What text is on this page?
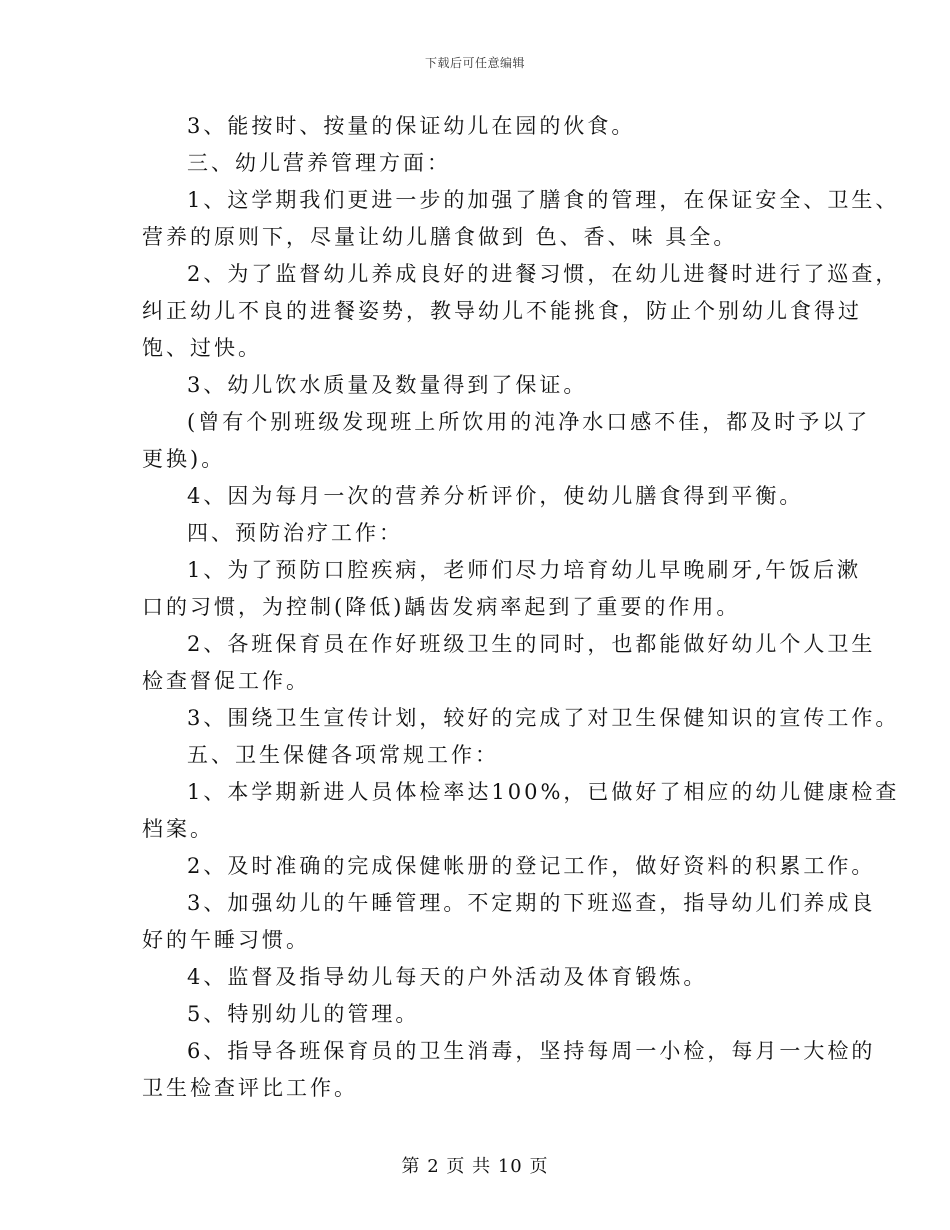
下载后可任意编辑
3、能按时、按量的保证幼儿在园的伙食。
三、幼儿营养管理方面：
1、这学期我们更进一步的加强了膳食的管理，在保证安全、卫生、
营养的原则下，尽量让幼儿膳食做到 色、香、味 具全。
2、为了监督幼儿养成良好的进餐习惯，在幼儿进餐时进行了巡查，
纠正幼儿不良的进餐姿势，教导幼儿不能挑食，防止个别幼儿食得过
饱、过快。
3、幼儿饮水质量及数量得到了保证。
(曾有个别班级发现班上所饮用的沌净水口感不佳，都及时予以了
更换)。
4、因为每月一次的营养分析评价，使幼儿膳食得到平衡。
四、预防治疗工作：
1、为了预防口腔疾病，老师们尽力培育幼儿早晚刷牙,午饭后漱
口的习惯，为控制(降低)龋齿发病率起到了重要的作用。
2、各班保育员在作好班级卫生的同时，也都能做好幼儿个人卫生
检查督促工作。
3、围绕卫生宣传计划，较好的完成了对卫生保健知识的宣传工作。
五、卫生保健各项常规工作：
1、本学期新进人员体检率达100%，已做好了相应的幼儿健康检查
档案。
2、及时准确的完成保健帐册的登记工作，做好资料的积累工作。
3、加强幼儿的午睡管理。不定期的下班巡查，指导幼儿们养成良
好的午睡习惯。
4、监督及指导幼儿每天的户外活动及体育锻炼。
5、特别幼儿的管理。
6、指导各班保育员的卫生消毒，坚持每周一小检，每月一大检的
卫生检查评比工作。
第 2 页 共 10 页
